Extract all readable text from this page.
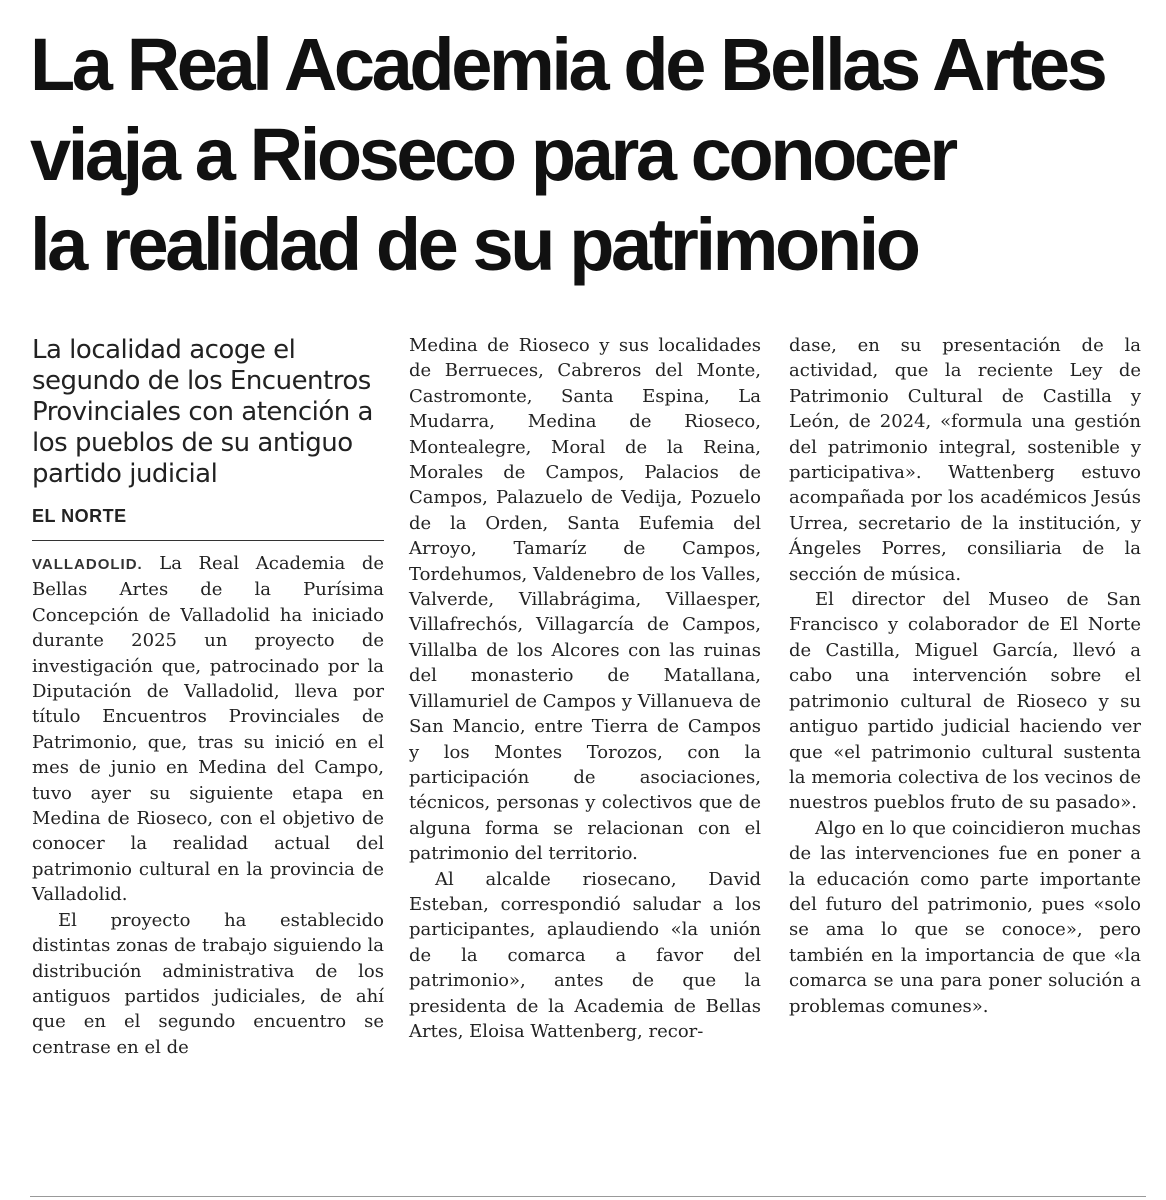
La Real Academia de Bellas Artes
viaja a Rioseco para conocer
la realidad de su patrimonio
La localidad acoge el segundo de los Encuentros Provinciales con atención a los pueblos de su antiguo partido judicial
EL NORTE

VALLADOLID. La Real Academia de Bellas Artes de la Purísima Concepción de Valladolid ha iniciado durante 2025 un proyecto de investigación que, patrocinado por la Diputación de Valladolid, lleva por título Encuentros Provinciales de Patrimonio, que, tras su inició en el mes de junio en Medina del Campo, tuvo ayer su siguiente etapa en Medina de Rioseco, con el objetivo de conocer la realidad actual del patrimonio cultural en la provincia de Valladolid.

El proyecto ha establecido distintas zonas de trabajo siguiendo la distribución administrativa de los antiguos partidos judiciales, de ahí que en el segundo encuentro se centrase en el de

Medina de Rioseco y sus localidades de Berrueces, Cabreros del Monte, Castromonte, Santa Espina, La Mudarra, Medina de Rioseco, Montealegre, Moral de la Reina, Morales de Campos, Palacios de Campos, Palazuelo de Vedija, Pozuelo de la Orden, Santa Eufemia del Arroyo, Tamaríz de Campos, Tordehumos, Valdenebro de los Valles, Valverde, Villabrágima, Villaesper, Villafrechós, Villagarcía de Campos, Villalba de los Alcores con las ruinas del monasterio de Matallana, Villamuriel de Campos y Villanueva de San Mancio, entre Tierra de Campos y los Montes Torozos, con la participación de asociaciones, técnicos, personas y colectivos que de alguna forma se relacionan con el patrimonio del territorio.

Al alcalde riosecano, David Esteban, correspondió saludar a los participantes, aplaudiendo «la unión de la comarca a favor del patrimonio», antes de que la presidenta de la Academia de Bellas Artes, Eloisa Wattenberg, recor-

dase, en su presentación de la actividad, que la reciente Ley de Patrimonio Cultural de Castilla y León, de 2024, «formula una gestión del patrimonio integral, sostenible y participativa». Wattenberg estuvo acompañada por los académicos Jesús Urrea, secretario de la institución, y Ángeles Porres, consiliaria de la sección de música.

El director del Museo de San Francisco y colaborador de El Norte de Castilla, Miguel García, llevó a cabo una intervención sobre el patrimonio cultural de Rioseco y su antiguo partido judicial haciendo ver que «el patrimonio cultural sustenta la memoria colectiva de los vecinos de nuestros pueblos fruto de su pasado».

Algo en lo que coincidieron muchas de las intervenciones fue en poner a la educación como parte importante del futuro del patrimonio, pues «solo se ama lo que se conoce», pero también en la importancia de que «la comarca se una para poner solución a problemas comunes».
